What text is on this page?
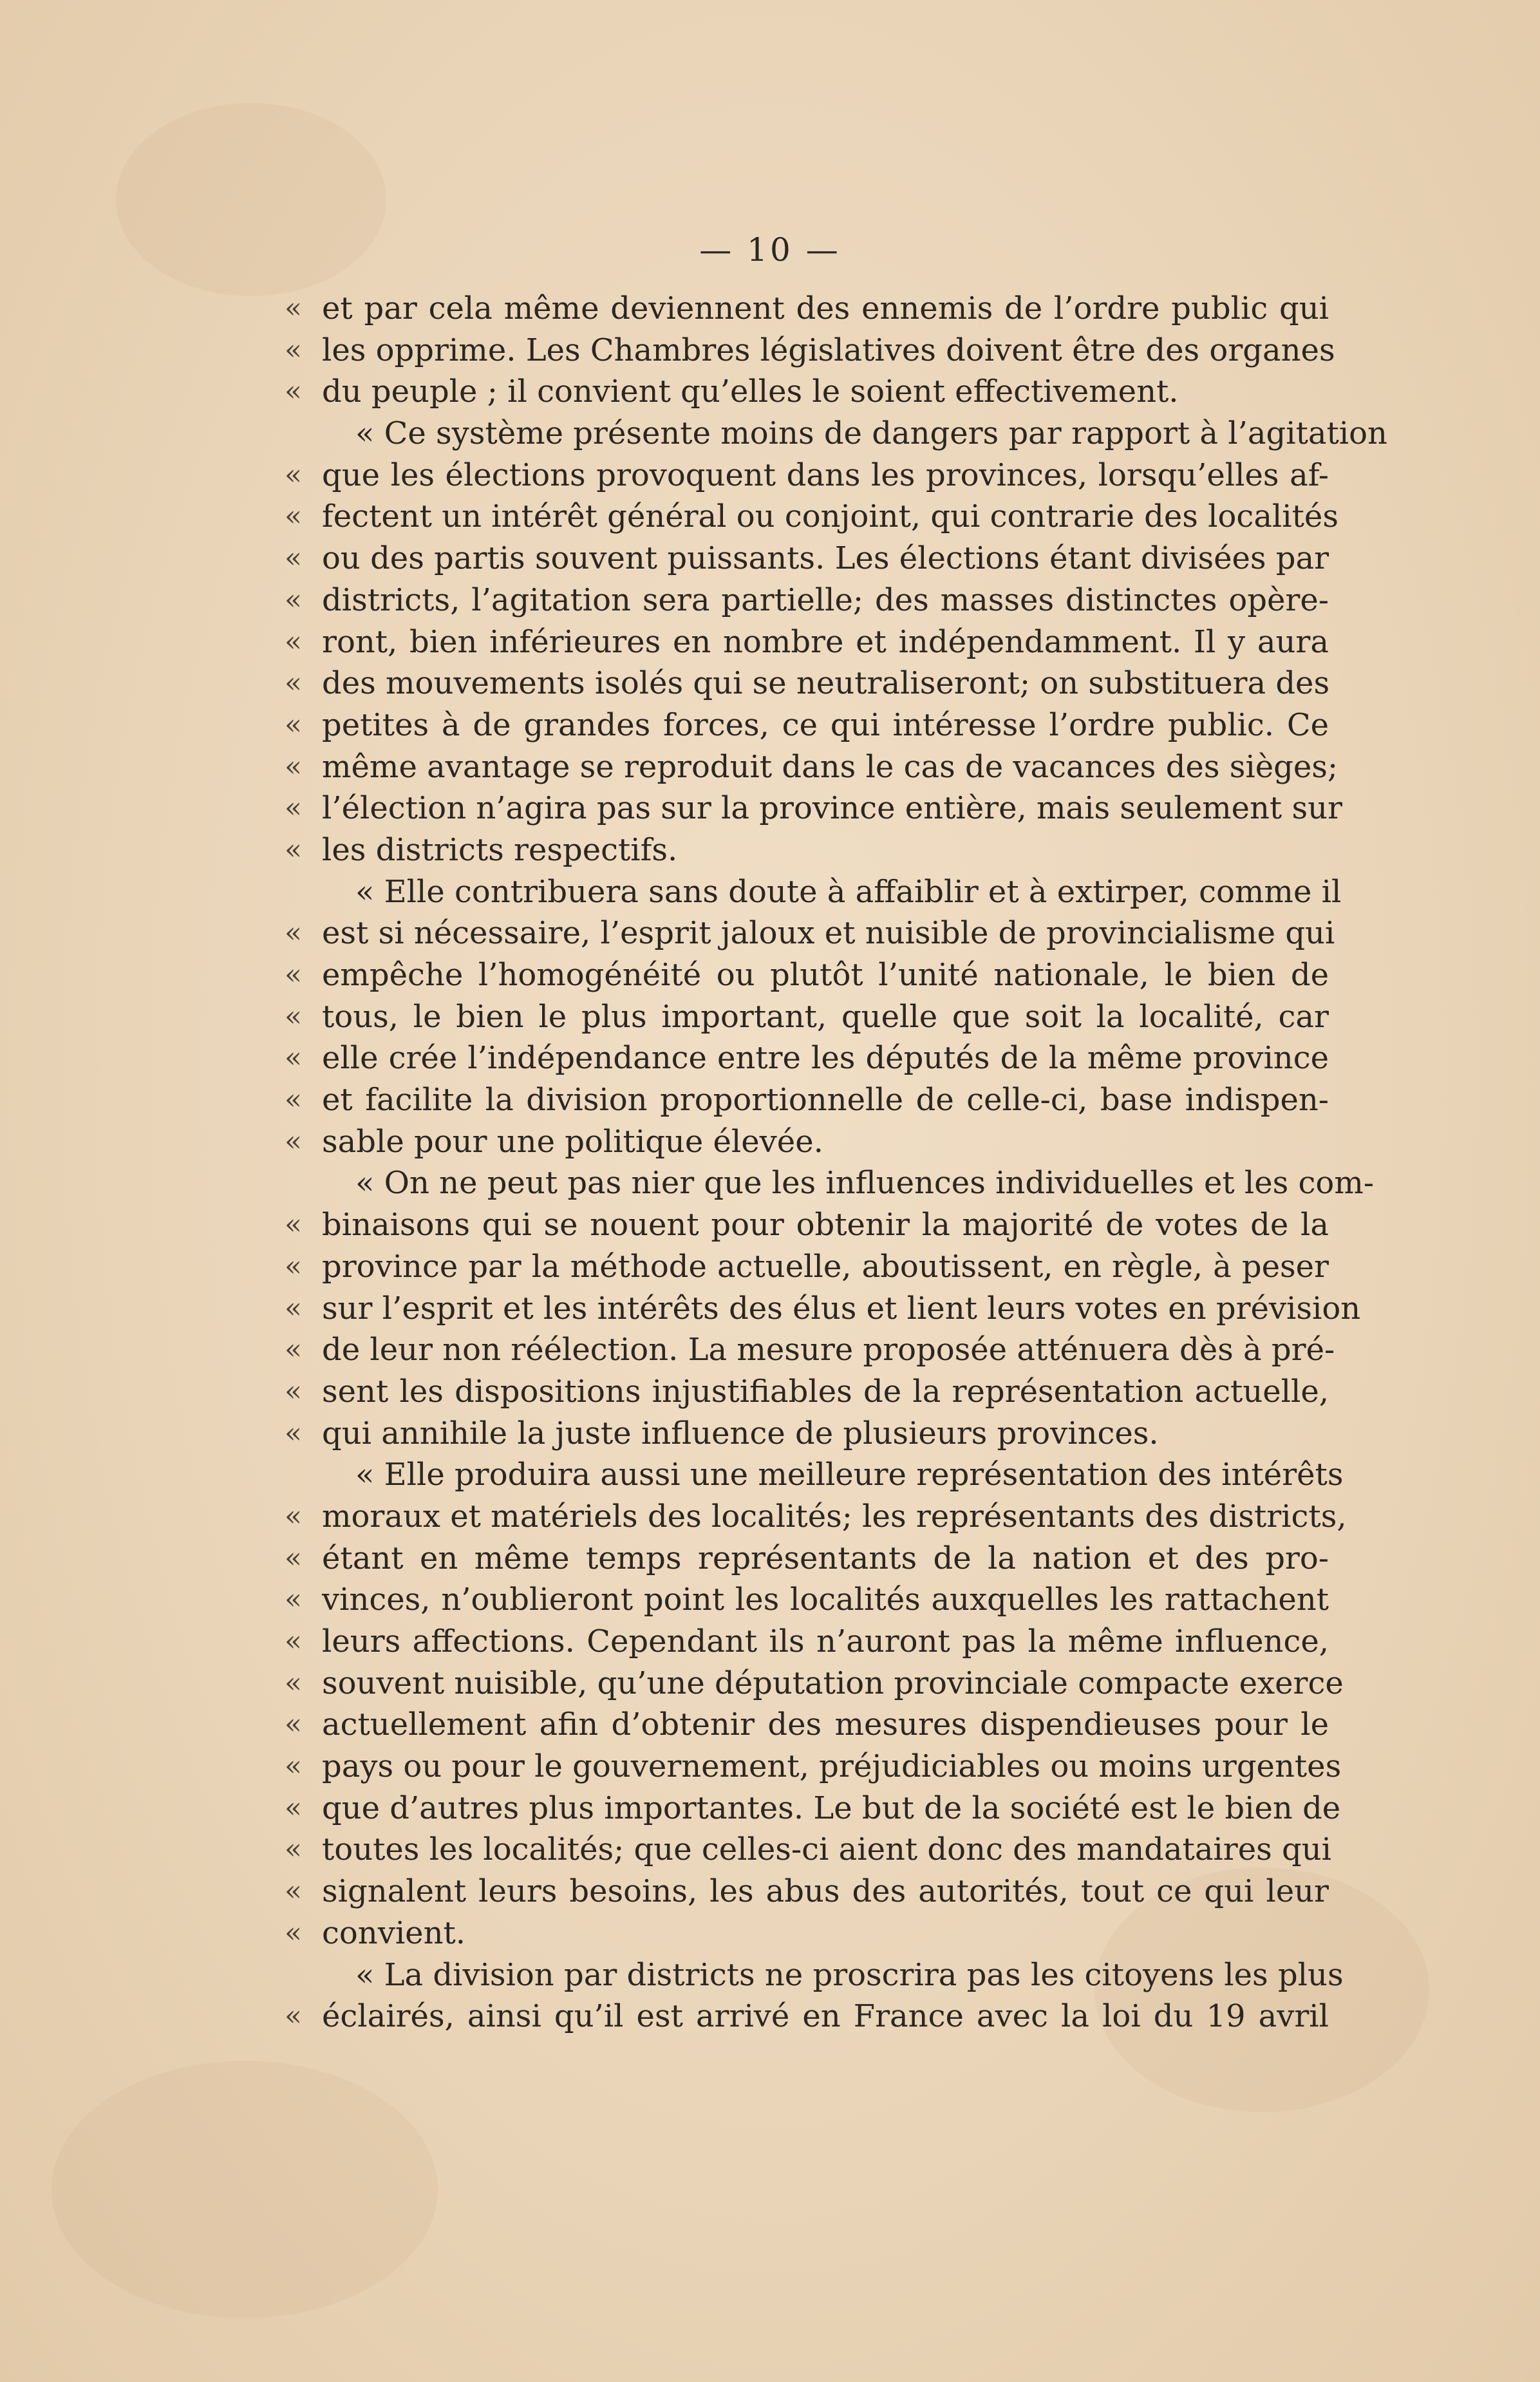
— 10 —
« et par cela même deviennent des ennemis de l’ordre public qui
« les opprime. Les Chambres législatives doivent être des organes
« du peuple ; il convient qu’elles le soient effectivement.
« Ce système présente moins de dangers par rapport à l’agitation
« que les élections provoquent dans les provinces, lorsqu’elles af-
« fectent un intérêt général ou conjoint, qui contrarie des localités
« ou des partis souvent puissants. Les élections étant divisées par
« districts, l’agitation sera partielle; des masses distinctes opère-
« ront, bien inférieures en nombre et indépendamment. Il y aura
« des mouvements isolés qui se neutraliseront; on substituera des
« petites à de grandes forces, ce qui intéresse l’ordre public. Ce
« même avantage se reproduit dans le cas de vacances des sièges;
« l’élection n’agira pas sur la province entière, mais seulement sur
« les districts respectifs.
« Elle contribuera sans doute à affaiblir et à extirper, comme il
« est si nécessaire, l’esprit jaloux et nuisible de provincialisme qui
« empêche l’homogénéité ou plutôt l’unité nationale, le bien de
« tous, le bien le plus important, quelle que soit la localité, car
« elle crée l’indépendance entre les députés de la même province
« et facilite la division proportionnelle de celle-ci, base indispen-
« sable pour une politique élevée.
« On ne peut pas nier que les influences individuelles et les com-
« binaisons qui se nouent pour obtenir la majorité de votes de la
« province par la méthode actuelle, aboutissent, en règle, à peser
« sur l’esprit et les intérêts des élus et lient leurs votes en prévision
« de leur non réélection. La mesure proposée atténuera dès à pré-
« sent les dispositions injustifiables de la représentation actuelle,
« qui annihile la juste influence de plusieurs provinces.
« Elle produira aussi une meilleure représentation des intérêts
« moraux et matériels des localités; les représentants des districts,
« étant en même temps représentants de la nation et des pro-
« vinces, n’oublieront point les localités auxquelles les rattachent
« leurs affections. Cependant ils n’auront pas la même influence,
« souvent nuisible, qu’une députation provinciale compacte exerce
« actuellement afin d’obtenir des mesures dispendieuses pour le
« pays ou pour le gouvernement, préjudiciables ou moins urgentes
« que d’autres plus importantes. Le but de la société est le bien de
« toutes les localités; que celles-ci aient donc des mandataires qui
« signalent leurs besoins, les abus des autorités, tout ce qui leur
« convient.
« La division par districts ne proscrira pas les citoyens les plus
« éclairés, ainsi qu’il est arrivé en France avec la loi du 19 avril
